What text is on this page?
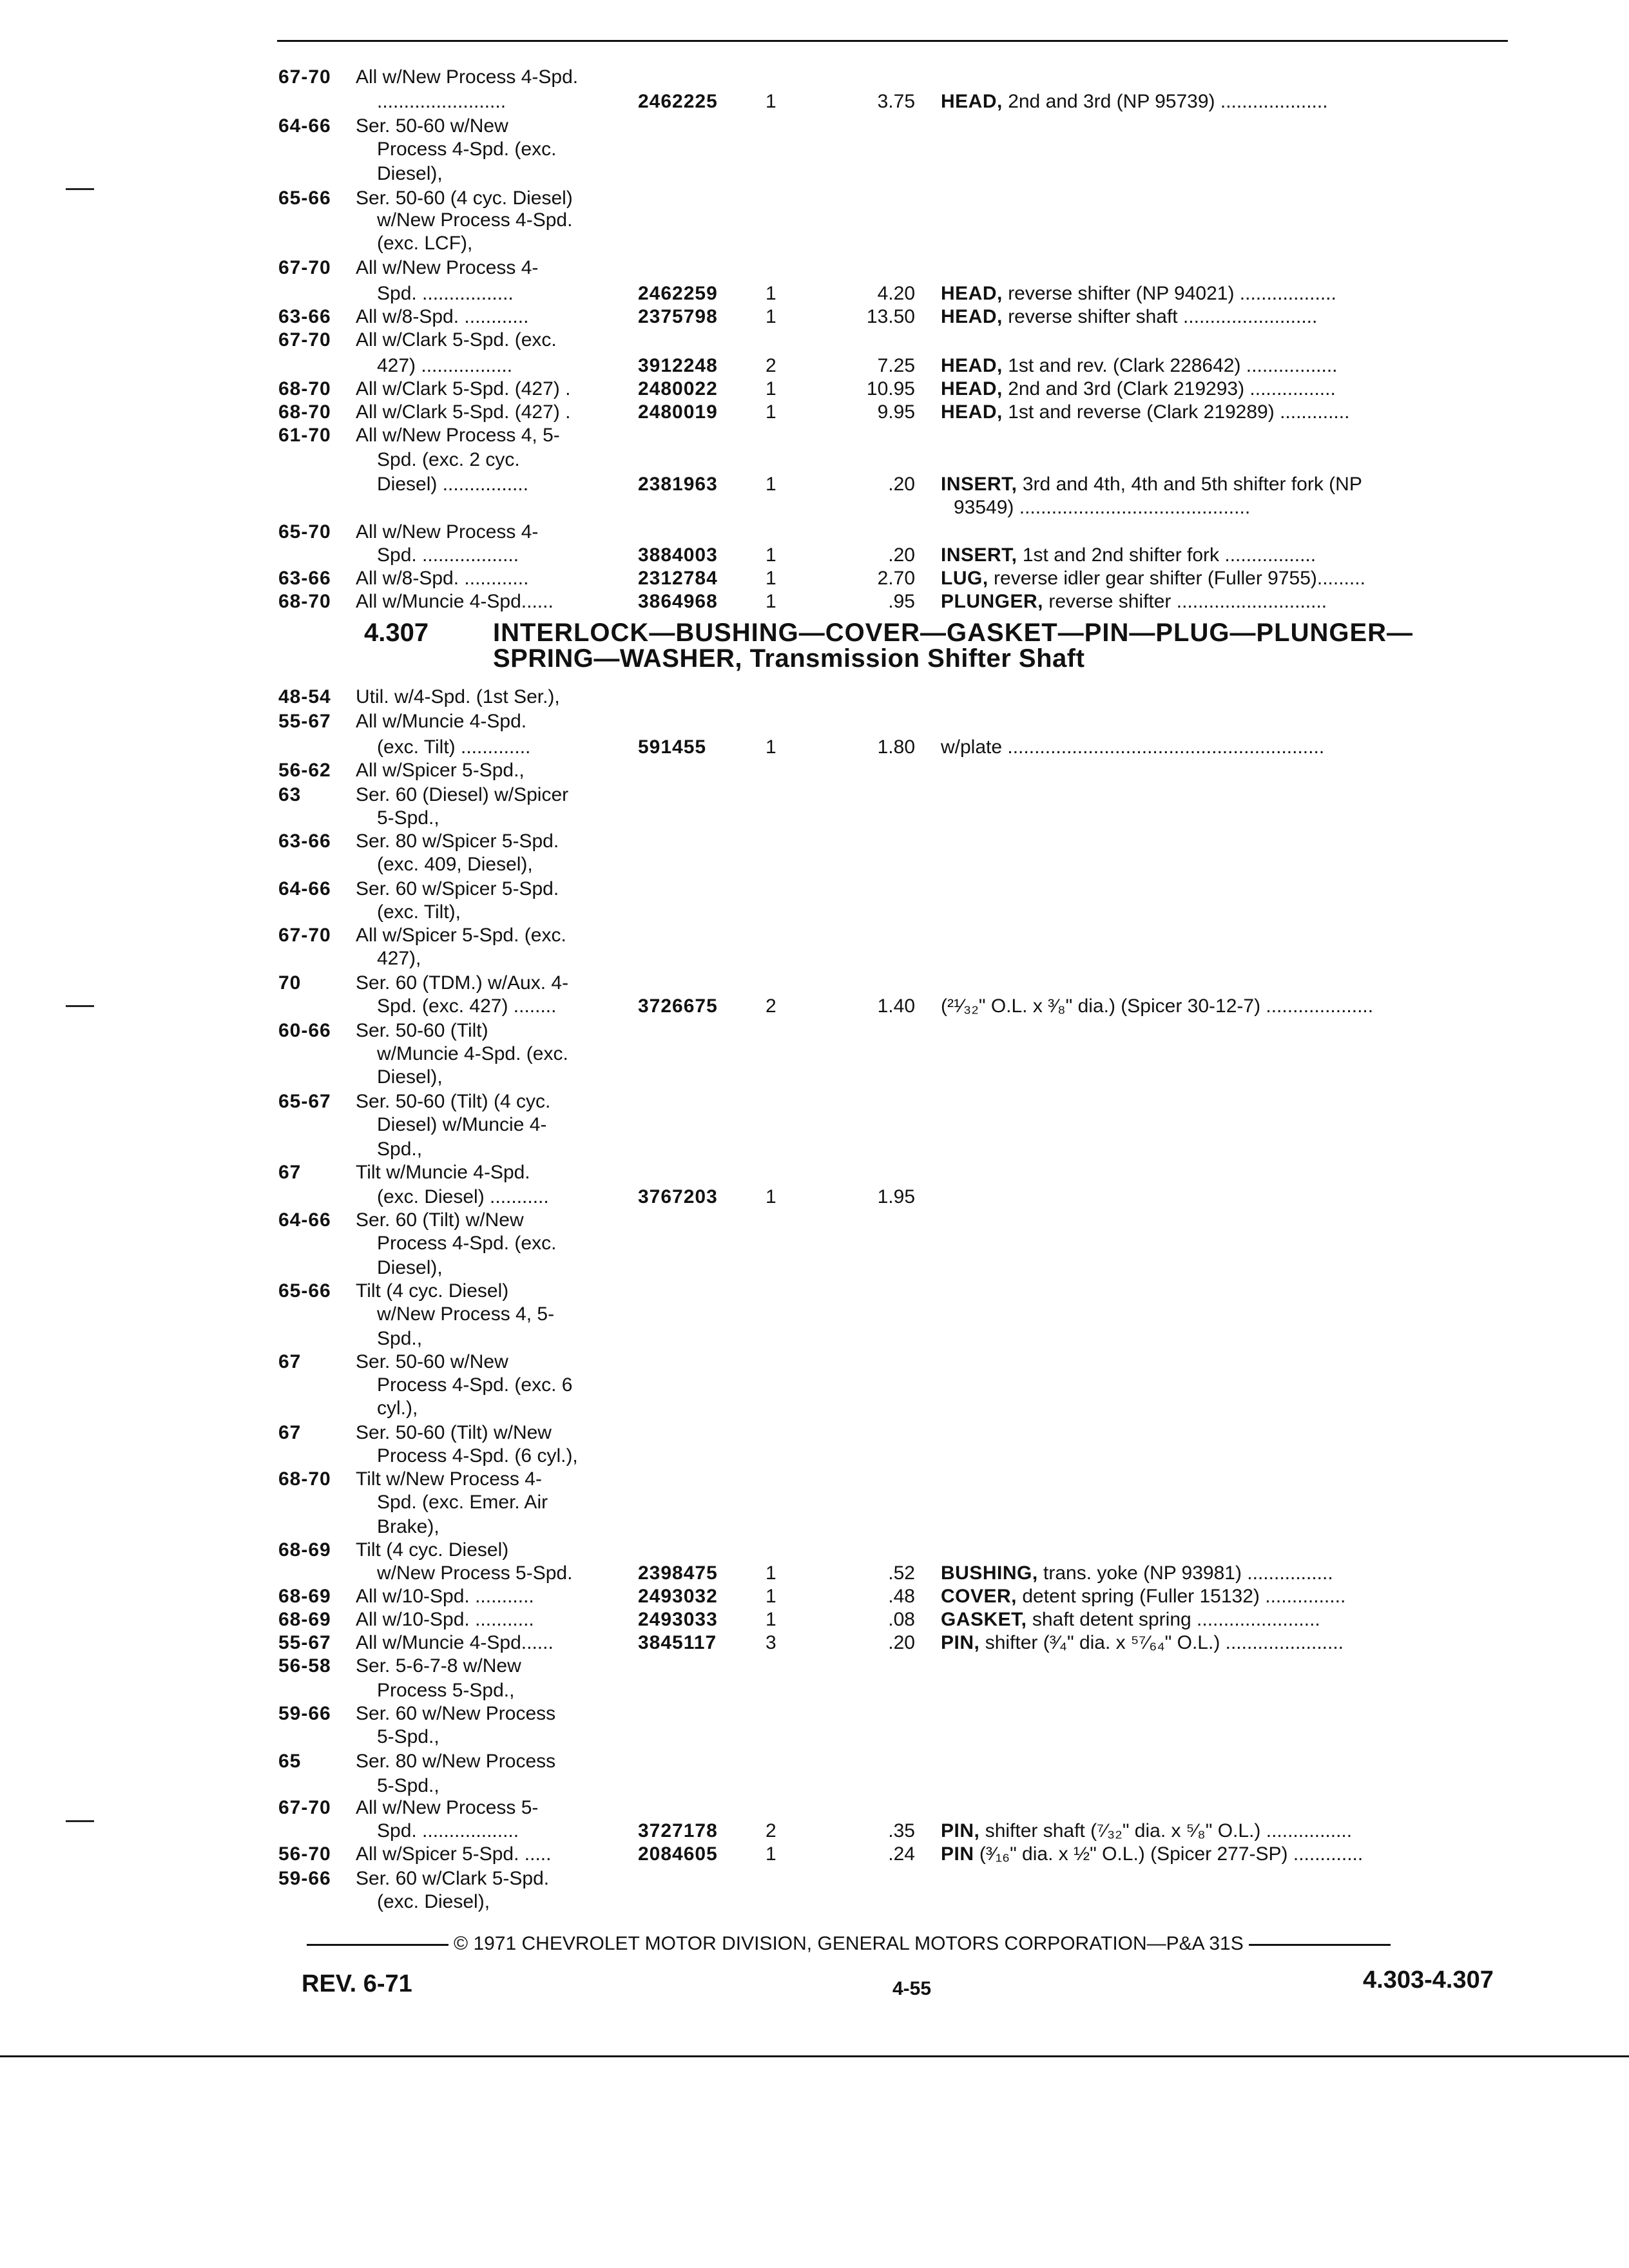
67-70 All w/New Process 4-Spd.
........................	2462225 1	3.75 HEAD, 2nd and 3rd (NP 95739) ....................
64-66 Ser. 50-60 w/New
Process 4-Spd. (exc.
Diesel),
65-66 Ser. 50-60 (4 cyc. Diesel)
w/New Process 4-Spd.
(exc. LCF),
67-70 All w/New Process 4-
Spd. .................	2462259 1	4.20 HEAD, reverse shifter (NP 94021) ..................
63-66 All w/8-Spd. ............	2375798 1	13.50 HEAD, reverse shifter shaft .........................
67-70 All w/Clark 5-Spd. (exc.
427) .................	3912248 2	7.25 HEAD, 1st and rev. (Clark 228642) .................
68-70 All w/Clark 5-Spd. (427) .	2480022 1	10.95 HEAD, 2nd and 3rd (Clark 219293) ................
68-70 All w/Clark 5-Spd. (427) .	2480019 1	9.95 HEAD, 1st and reverse (Clark 219289) .............
61-70 All w/New Process 4, 5-
Spd. (exc. 2 cyc.
Diesel) ................	2381963 1	.20 INSERT, 3rd and 4th, 4th and 5th shifter fork (NP
93549) ...........................................
65-70 All w/New Process 4-
Spd. ..................	3884003 1	.20 INSERT, 1st and 2nd shifter fork .................
63-66 All w/8-Spd. ............	2312784 1	2.70 LUG, reverse idler gear shifter (Fuller 9755).........
68-70 All w/Muncie 4-Spd......	3864968 1	.95 PLUNGER, reverse shifter ............................
48-54 Util. w/4-Spd. (1st Ser.),
55-67 All w/Muncie 4-Spd.
(exc. Tilt) .............	591455	1	1.80 w/plate ...........................................................
56-62 All w/Spicer 5-Spd.,
63	Ser. 60 (Diesel) w/Spicer
5-Spd.,
63-66 Ser. 80 w/Spicer 5-Spd.
(exc. 409, Diesel),
64-66 Ser. 60 w/Spicer 5-Spd.
(exc. Tilt),
67-70 All w/Spicer 5-Spd. (exc.
427),
70	Ser. 60 (TDM.) w/Aux. 4-
Spd. (exc. 427) ........	3726675 2	1.40 (²¹⁄₃₂" O.L. x ³⁄₈" dia.) (Spicer 30-12-7) ....................
60-66 Ser. 50-60 (Tilt)
w/Muncie 4-Spd. (exc.
Diesel),
65-67 Ser. 50-60 (Tilt) (4 cyc.
Diesel) w/Muncie 4-
Spd.,
67	Tilt w/Muncie 4-Spd.
(exc. Diesel) ...........	3767203 1	1.95
64-66 Ser. 60 (Tilt) w/New
Process 4-Spd. (exc.
Diesel),
65-66 Tilt (4 cyc. Diesel)
w/New Process 4, 5-
Spd.,
67	Ser. 50-60 w/New
Process 4-Spd. (exc. 6
cyl.),
67	Ser. 50-60 (Tilt) w/New
Process 4-Spd. (6 cyl.),
68-70 Tilt w/New Process 4-
Spd. (exc. Emer. Air
Brake),
68-69 Tilt (4 cyc. Diesel)
w/New Process 5-Spd.	2398475 1	.52 BUSHING, trans. yoke (NP 93981) ................
68-69 All w/10-Spd. ...........	2493032 1	.48 COVER, detent spring (Fuller 15132) ...............
68-69 All w/10-Spd. ...........	2493033 1	.08 GASKET, shaft detent spring .......................
55-67 All w/Muncie 4-Spd......	3845117	3	.20 PIN, shifter (³⁄₄" dia. x ⁵⁷⁄₆₄" O.L.) ......................
56-58 Ser. 5-6-7-8 w/New
Process 5-Spd.,
59-66 Ser. 60 w/New Process
5-Spd.,
65	Ser. 80 w/New Process
5-Spd.,
67-70 All w/New Process 5-
Spd. ..................	3727178 2	.35 PIN, shifter shaft (⁷⁄₃₂" dia. x ⁵⁄₈" O.L.) ................
56-70 All w/Spicer 5-Spd. .....	2084605 1	.24 PIN (³⁄₁₆" dia. x ½" O.L.) (Spicer 277-SP) .............
59-66 Ser. 60 w/Clark 5-Spd.
(exc. Diesel),
4.307 INTERLOCK—BUSHING—COVER—GASKET—PIN—PLUG—PLUNGER—
SPRING—WASHER, Transmission Shifter Shaft
© 1971 CHEVROLET MOTOR DIVISION, GENERAL MOTORS CORPORATION—P&A 31S
REV. 6-71	4-55	4.303-4.307
